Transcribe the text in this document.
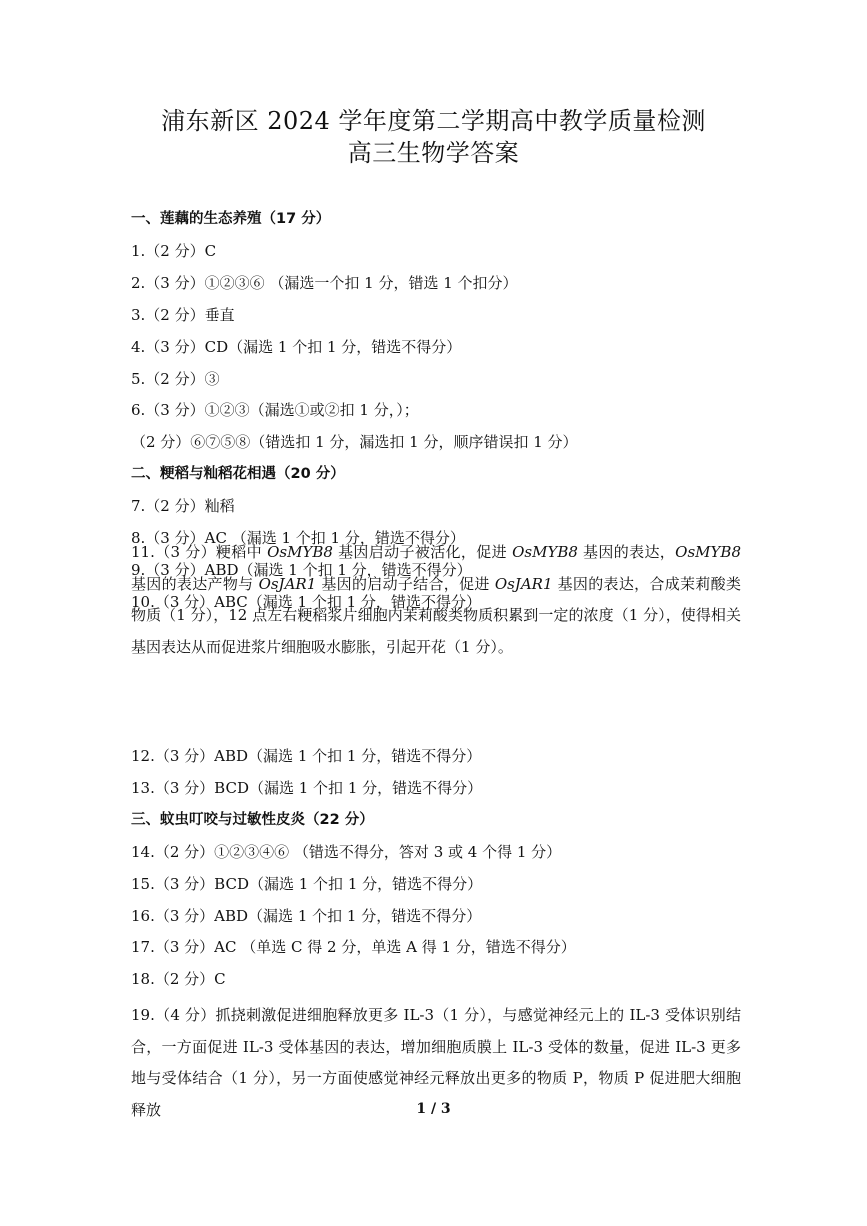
浦东新区 2024 学年度第二学期高中教学质量检测
高三生物学答案
一、莲藕的生态养殖（17 分）
1.（2 分）C
2.（3 分）①②③⑥ （漏选一个扣 1 分，错选 1 个扣分）
3.（2 分）垂直
4.（3 分）CD（漏选 1 个扣 1 分，错选不得分）
5.（2 分）③
6.（3 分）①②③（漏选①或②扣 1 分，）；
（2 分）⑥⑦⑤⑧（错选扣 1 分，漏选扣 1 分，顺序错误扣 1 分）
二、粳稻与籼稻花相遇（20 分）
7.（2 分）籼稻
8.（3 分）AC （漏选 1 个扣 1 分，错选不得分）
9.（3 分）ABD（漏选 1 个扣 1 分，错选不得分）
10.（3 分）ABC（漏选 1 个扣 1 分，错选不得分）
11.（3 分）粳稻中 OsMYB8 基因启动子被活化，促进 OsMYB8 基因的表达，OsMYB8 基因的表达产物与 OsJAR1 基因的启动子结合，促进 OsJAR1 基因的表达，合成茉莉酸类物质（1 分），12 点左右粳稻浆片细胞内茉莉酸类物质积累到一定的浓度（1 分），使得相关基因表达从而促进浆片细胞吸水膨胀，引起开花（1 分）。
12.（3 分）ABD（漏选 1 个扣 1 分，错选不得分）
13.（3 分）BCD（漏选 1 个扣 1 分，错选不得分）
三、蚊虫叮咬与过敏性皮炎（22 分）
14.（2 分）①②③④⑥ （错选不得分，答对 3 或 4 个得 1 分）
15.（3 分）BCD（漏选 1 个扣 1 分，错选不得分）
16.（3 分）ABD（漏选 1 个扣 1 分，错选不得分）
17.（3 分）AC （单选 C 得 2 分，单选 A 得 1 分，错选不得分）
18.（2 分）C
19.（4 分）抓挠刺激促进细胞释放更多 IL-3（1 分），与感觉神经元上的 IL-3 受体识别结合，一方面促进 IL-3 受体基因的表达，增加细胞质膜上 IL-3 受体的数量，促进 IL-3 更多地与受体结合（1 分），另一方面使感觉神经元释放出更多的物质 P，物质 P 促进肥大细胞释放	1 / 3
